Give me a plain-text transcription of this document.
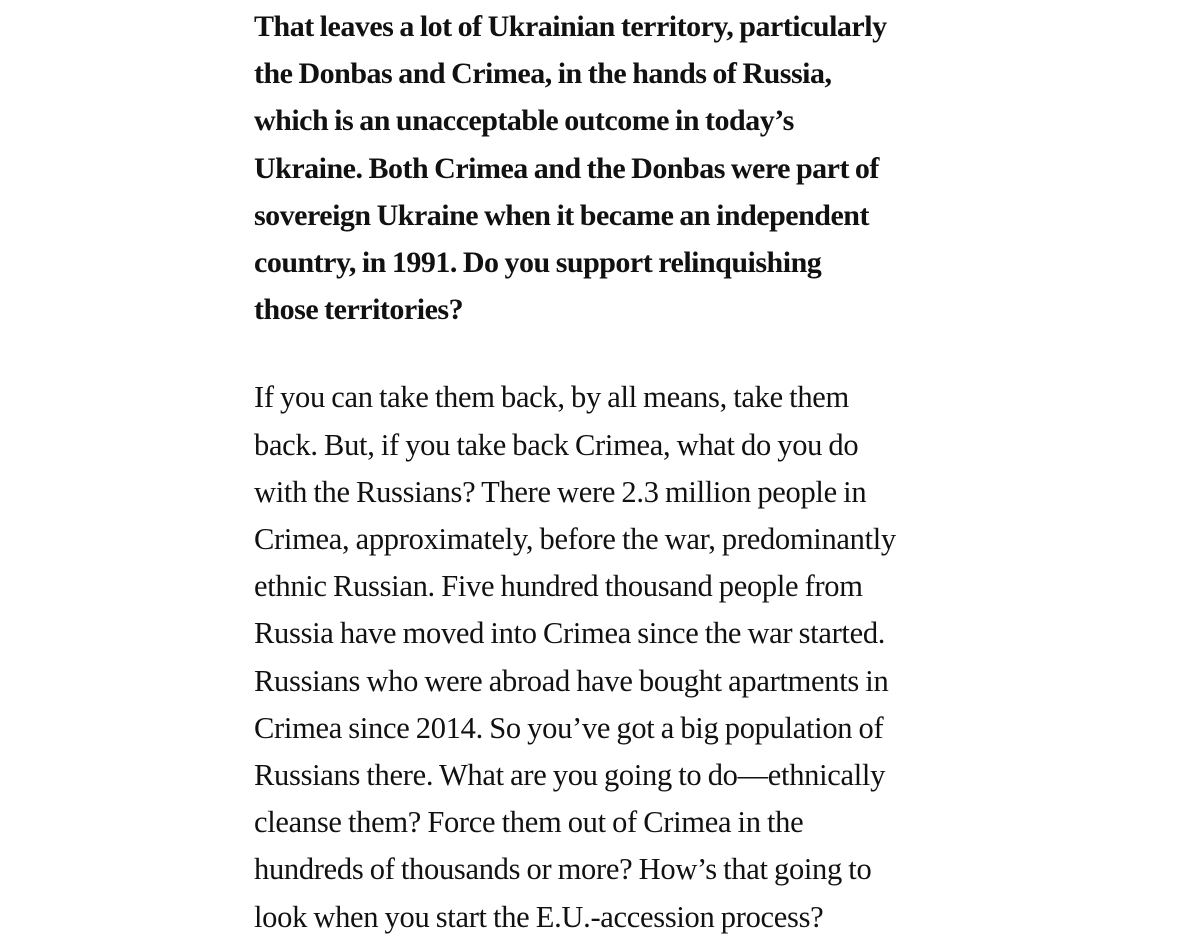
That leaves a lot of Ukrainian territory, particularly
the Donbas and Crimea, in the hands of Russia,
which is an unacceptable outcome in today’s
Ukraine. Both Crimea and the Donbas were part of
sovereign Ukraine when it became an independent
country, in 1991. Do you support relinquishing
those territories?

If you can take them back, by all means, take them
back. But, if you take back Crimea, what do you do
with the Russians? There were 2.3 million people in
Crimea, approximately, before the war, predominantly
ethnic Russian. Five hundred thousand people from
Russia have moved into Crimea since the war started.
Russians who were abroad have bought apartments in
Crimea since 2014. So you’ve got a big population of
Russians there. What are you going to do—ethnically
cleanse them? Force them out of Crimea in the
hundreds of thousands or more? How’s that going to
look when you start the E.U.-accession process?
